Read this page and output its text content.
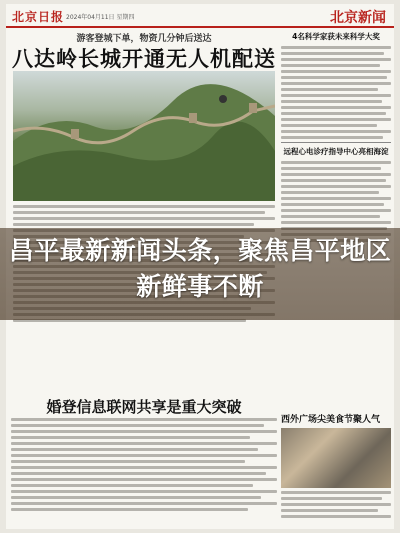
北京日报 2024年04月11日 星期四	北京新闻
游客登城下单，物资几分钟后送达
八达岭长城开通无人机配送
4名科学家获未来科学大奖
远程心电诊疗指导中心亮相海淀
婚登信息联网共享是重大突破
西外广场尖美食节聚人气
昌平最新新闻头条，聚焦昌平地区新鲜事不断
